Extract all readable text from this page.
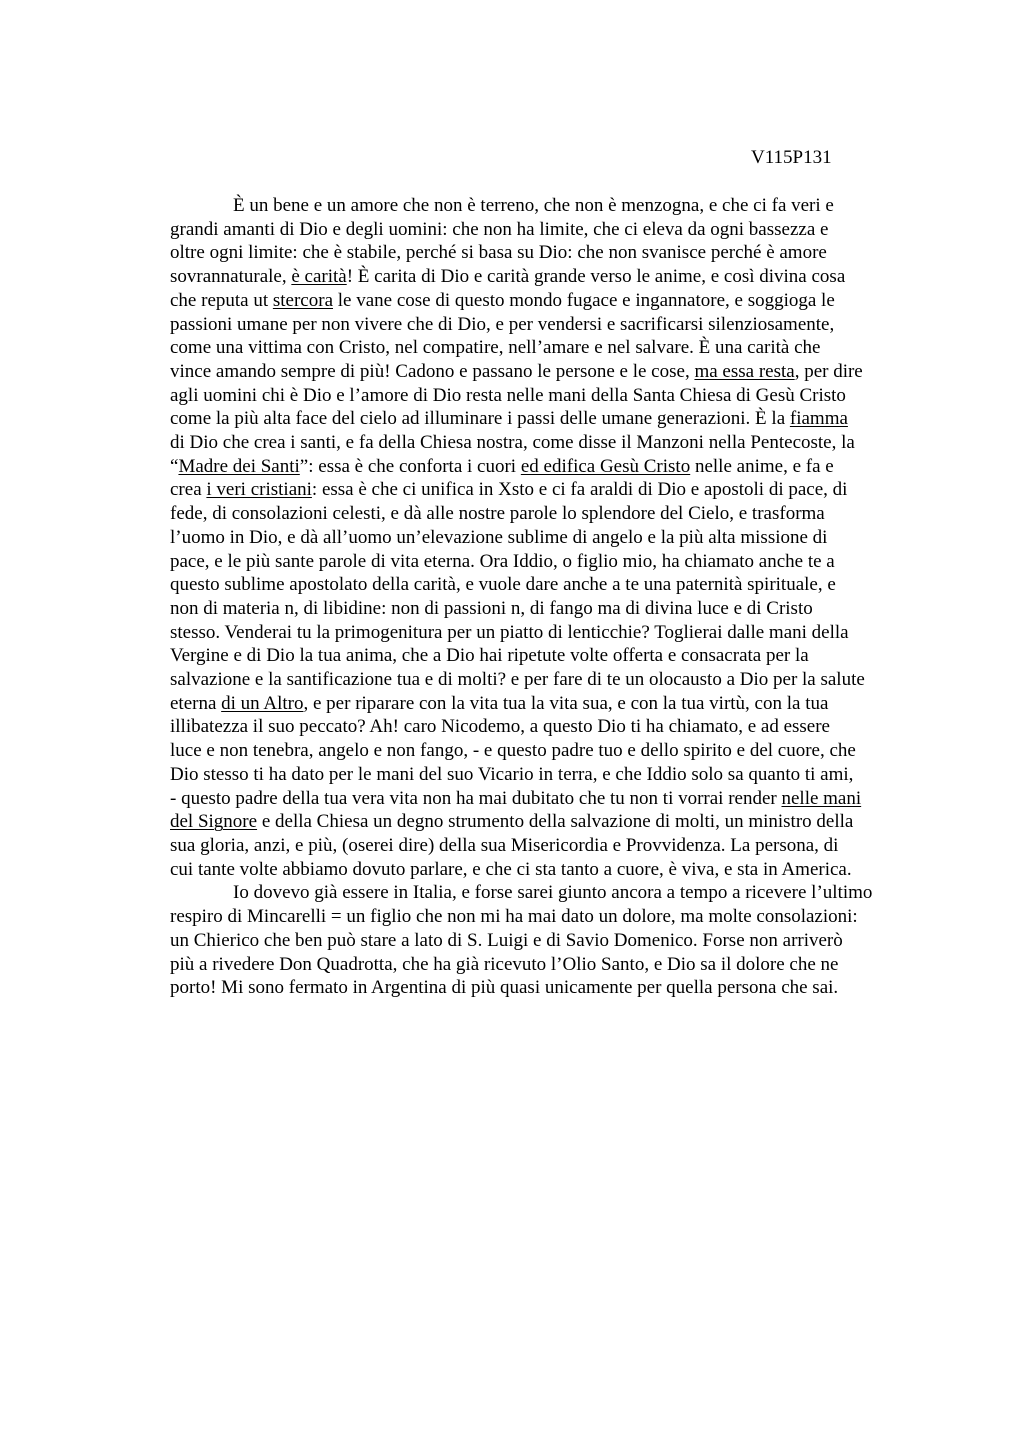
V115P131
È un bene e un amore che non è terreno, che non è menzogna, e che ci fa veri e
grandi amanti di Dio e degli uomini: che non ha limite, che ci eleva da ogni bassezza e
oltre ogni limite: che è stabile, perché si basa su Dio: che non svanisce perché è amore
sovrannaturale, è carità! È carita di Dio e carità grande verso le anime, e così divina cosa
che reputa ut stercora le vane cose di questo mondo fugace e ingannatore, e soggioga le
passioni umane per non vivere che di Dio, e per vendersi e sacrificarsi silenziosamente,
come una vittima con Cristo, nel compatire, nell’amare e nel salvare. È una carità che
vince amando sempre di più! Cadono e passano le persone e le cose, ma essa resta, per dire
agli uomini chi è Dio e l’amore di Dio resta nelle mani della Santa Chiesa di Gesù Cristo
come la più alta face del cielo ad illuminare i passi delle umane generazioni. È la fiamma
di Dio che crea i santi, e fa della Chiesa nostra, come disse il Manzoni nella Pentecoste, la
“Madre dei Santi”: essa è che conforta i cuori ed edifica Gesù Cristo nelle anime, e fa e
crea i veri cristiani: essa è che ci unifica in Xsto e ci fa araldi di Dio e apostoli di pace, di
fede, di consolazioni celesti, e dà alle nostre parole lo splendore del Cielo, e trasforma
l’uomo in Dio, e dà all’uomo un’elevazione sublime di angelo e la più alta missione di
pace, e le più sante parole di vita eterna. Ora Iddio, o figlio mio, ha chiamato anche te a
questo sublime apostolato della carità, e vuole dare anche a te una paternità spirituale, e
non di materia n, di libidine: non di passioni n, di fango ma di divina luce e di Cristo
stesso. Venderai tu la primogenitura per un piatto di lenticchie? Toglierai dalle mani della
Vergine e di Dio la tua anima, che a Dio hai ripetute volte offerta e consacrata per la
salvazione e la santificazione tua e di molti? e per fare di te un olocausto a Dio per la salute
eterna di un Altro, e per riparare con la vita tua la vita sua, e con la tua virtù, con la tua
illibatezza il suo peccato? Ah! caro Nicodemo, a questo Dio ti ha chiamato, e ad essere
luce e non tenebra, angelo e non fango, - e questo padre tuo e dello spirito e del cuore, che
Dio stesso ti ha dato per le mani del suo Vicario in terra, e che Iddio solo sa quanto ti ami,
- questo padre della tua vera vita non ha mai dubitato che tu non ti vorrai render nelle mani
del Signore e della Chiesa un degno strumento della salvazione di molti, un ministro della
sua gloria, anzi, e più, (oserei dire) della sua Misericordia e Provvidenza. La persona, di
cui tante volte abbiamo dovuto parlare, e che ci sta tanto a cuore, è viva, e sta in America.
Io dovevo già essere in Italia, e forse sarei giunto ancora a tempo a ricevere l’ultimo
respiro di Mincarelli = un figlio che non mi ha mai dato un dolore, ma molte consolazioni:
un Chierico che ben può stare a lato di S. Luigi e di Savio Domenico. Forse non arriverò
più a rivedere Don Quadrotta, che ha già ricevuto l’Olio Santo, e Dio sa il dolore che ne
porto! Mi sono fermato in Argentina di più quasi unicamente per quella persona che sai.
